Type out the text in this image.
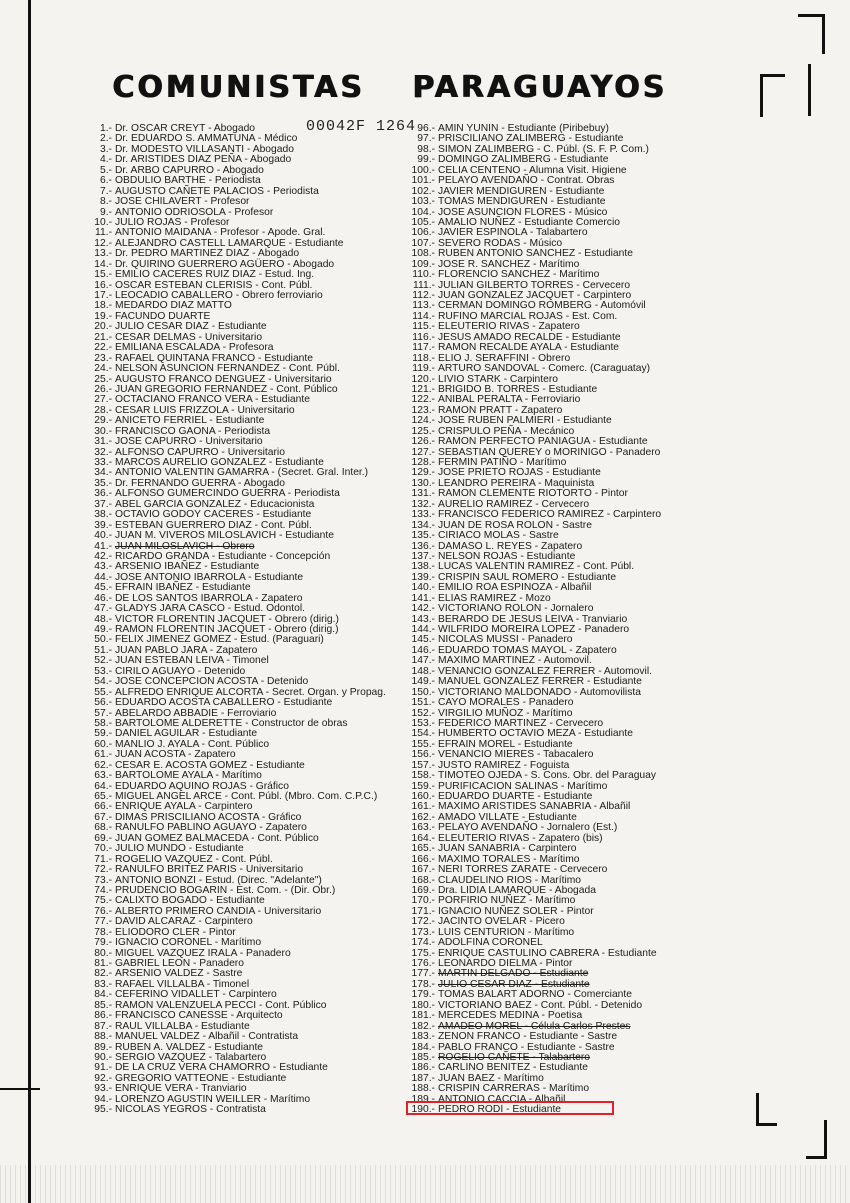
COMUNISTAS PARAGUAYOS
00042F 1264
1.- Dr. OSCAR CREYT - Abogado
2.- Dr. EDUARDO S. AMMATUNA - Médico
3.- Dr. MODESTO VILLASANTI - Abogado
4.- Dr. ARISTIDES DIAZ PEÑA - Abogado
5.- Dr. ARBO CAPURRO - Abogado
6.- OBDULIO BARTHE - Periodista
7.- AUGUSTO CAÑETE PALACIOS - Periodista
8.- JOSE CHILAVERT - Profesor
9.- ANTONIO ODRIOSOLA - Profesor
10.- JULIO ROJAS - Profesor
11.- ANTONIO MAIDANA - Profesor - Apode. Gral.
12.- ALEJANDRO CASTELL LAMARQUE - Estudiante
13.- Dr. PEDRO MARTINEZ DIAZ - Abogado
14.- Dr. QUIRINO GUERRERO AGÜERO - Abogado
15.- EMILIO CACERES RUIZ DIAZ - Estud. Ing.
16.- OSCAR ESTEBAN CLERISIS - Cont. Públ.
17.- LEOCADIO CABALLERO - Obrero ferroviario
18.- MEDARDO DIAZ MATTO
19.- FACUNDO DUARTE
20.- JULIO CESAR DIAZ - Estudiante
21.- CESAR DELMAS - Universitario
22.- EMILIANA ESCALADA - Profesora
23.- RAFAEL QUINTANA FRANCO - Estudiante
24.- NELSON ASUNCION FERNANDEZ - Cont. Públ.
25.- AUGUSTO FRANCO DENGUEZ - Universitario
26.- JUAN GREGORIO FERNANDEZ - Cont. Público
27.- OCTACIANO FRANCO VERA - Estudiante
28.- CESAR LUIS FRIZZOLA - Universitario
29.- ANICETO FERRIEL - Estudiante
30.- FRANCISCO GAONA - Periodista
31.- JOSE CAPURRO - Universitario
32.- ALFONSO CAPURRO - Universitario
33.- MARCOS AURELIO GONZALEZ - Estudiante
34.- ANTONIO VALENTIN GAMARRA - (Secret. Gral. Inter.)
35.- Dr. FERNANDO GUERRA - Abogado
36.- ALFONSO GUMERCINDO GUERRA - Periodista
37.- ABEL GARCIA GONZALEZ - Educacionista
38.- OCTAVIO GODOY CACERES - Estudiante
39.- ESTEBAN GUERRERO DIAZ - Cont. Públ.
40.- JUAN M. VIVEROS MILOSLAVICH - Estudiante
41.- JUAN MILOSLAVICH - Obrero
42.- RICARDO GRANDA - Estudiante - Concepción
43.- ARSENIO IBAÑEZ - Estudiante
44.- JOSE ANTONIO IBARROLA - Estudiante
45.- EFRAIN IBAÑEZ - Estudiante
46.- DE LOS SANTOS IBARROLA - Zapatero
47.- GLADYS JARA CASCO - Estud. Odontol.
48.- VICTOR FLORENTIN JACQUET - Obrero (dirig.)
49.- RAMON FLORENTIN JACQUET - Obrero (dirig.)
50.- FELIX JIMENEZ GOMEZ - Estud. (Paraguari)
51.- JUAN PABLO JARA - Zapatero
52.- JUAN ESTEBAN LEIVA - Timonel
53.- CIRILO AGUAYO - Detenido
54.- JOSE CONCEPCION ACOSTA - Detenido
55.- ALFREDO ENRIQUE ALCORTA - Secret. Organ. y Propag.
56.- EDUARDO ACOSTA CABALLERO - Estudiante
57.- ABELARDO ABBADIE - Ferroviario
58.- BARTOLOME ALDERETTE - Constructor de obras
59.- DANIEL AGUILAR - Estudiante
60.- MANLIO J. AYALA - Cont. Público
61.- JUAN ACOSTA - Zapatero
62.- CESAR E. ACOSTA GOMEZ - Estudiante
63.- BARTOLOME AYALA - Marítimo
64.- EDUARDO AQUINO ROJAS - Gráfico
65.- MIGUEL ANGEL ARCE - Cont. Públ. (Mbro. Com. C.P.C.)
66.- ENRIQUE AYALA - Carpintero
67.- DIMAS PRISCILIANO ACOSTA - Gráfico
68.- RANULFO PABLINO AGUAYO - Zapatero
69.- JUAN GOMEZ BALMACEDA - Cont. Público
70.- JULIO MUNDO - Estudiante
71.- ROGELIO VAZQUEZ - Cont. Públ.
72.- RANULFO BRITEZ PARIS - Universitario
73.- ANTONIO BONZI - Estud. (Direc. "Adelante")
74.- PRUDENCIO BOGARIN - Est. Com. - (Dir. Obr.)
75.- CALIXTO BOGADO - Estudiante
76.- ALBERTO PRIMERO CANDIA - Universitario
77.- DAVID ALCARAZ - Carpintero
78.- ELIODORO CLER - Pintor
79.- IGNACIO CORONEL - Marítimo
80.- MIGUEL VAZQUEZ IRALA - Panadero
81.- GABRIEL LEON - Panadero
82.- ARSENIO VALDEZ - Sastre
83.- RAFAEL VILLALBA - Timonel
84.- CEFERINO VIDALLET - Carpintero
85.- RAMON VALENZUELA PECCI - Cont. Público
86.- FRANCISCO CANESSE - Arquitecto
87.- RAUL VILLALBA - Estudiante
88.- MANUEL VALDEZ - Albañil - Contratista
89.- RUBEN A. VALDEZ - Estudiante
90.- SERGIO VAZQUEZ - Talabartero
91.- DE LA CRUZ VERA CHAMORRO - Estudiante
92.- GREGORIO VATTEONE - Estudiante
93.- ENRIQUE VERA - Tranviario
94.- LORENZO AGUSTIN WEILLER - Marítimo
95.- NICOLAS YEGROS - Contratista
96.- AMIN YUNIN - Estudiante (Piribebuy)
97.- PRISCILIANO ZALIMBERG - Estudiante
98.- SIMON ZALIMBERG - C. Públ. (S. F. P. Com.)
99.- DOMINGO ZALIMBERG - Estudiante
100.- CELIA CENTENO - Alumna Visit. Higiene
101.- PELAYO AVENDAÑO - Contrat. Obras
102.- JAVIER MENDIGUREN - Estudiante
103.- TOMAS MENDIGUREN - Estudiante
104.- JOSE ASUNCION FLORES - Músico
105.- AMALIO NUÑEZ - Estudiante Comercio
106.- JAVIER ESPINOLA - Talabartero
107.- SEVERO RODAS - Músico
108.- RUBEN ANTONIO SANCHEZ - Estudiante
109.- JOSE R. SANCHEZ - Marítimo
110.- FLORENCIO SANCHEZ - Marítimo
111.- JULIAN GILBERTO TORRES - Cervecero
112.- JUAN GONZALEZ JACQUET - Carpintero
113.- CERMAN DOMINGO ROMBERG - Automóvil
114.- RUFINO MARCIAL ROJAS - Est. Com.
115.- ELEUTERIO RIVAS - Zapatero
116.- JESUS AMADO RECALDE - Estudiante
117.- RAMON RECALDE AYALA - Estudiante
118.- ELIO J. SERAFFINI - Obrero
119.- ARTURO SANDOVAL - Comerc. (Caraguatay)
120.- LIVIO STARK - Carpintero
121.- BRIGIDO B. TORRES - Estudiante
122.- ANIBAL PERALTA - Ferroviario
123.- RAMON PRATT - Zapatero
124.- JOSE RUBEN PALMIERI - Estudiante
125.- CRISPULO PEÑA - Mecánico
126.- RAMON PERFECTO PANIAGUA - Estudiante
127.- SEBASTIAN QUEREY o MORINIGO - Panadero
128.- FERMIN PATIÑO - Marítimo
129.- JOSE PRIETO ROJAS - Estudiante
130.- LEANDRO PEREIRA - Maquinista
131.- RAMON CLEMENTE RIOTORTO - Pintor
132.- AURELIO RAMIREZ - Cervecero
133.- FRANCISCO FEDERICO RAMIREZ - Carpintero
134.- JUAN DE ROSA ROLON - Sastre
135.- CIRIACO MOLAS - Sastre
136.- DAMASO L. REYES - Zapatero
137.- NELSON ROJAS - Estudiante
138.- LUCAS VALENTIN RAMIREZ - Cont. Públ.
139.- CRISPIN SAUL ROMERO - Estudiante
140.- EMILIO ROA ESPINOZA - Albañil
141.- ELIAS RAMIREZ - Mozo
142.- VICTORIANO ROLON - Jornalero
143.- BERARDO DE JESUS LEIVA - Tranviario
144.- WILFRIDO MOREIRA LOPEZ - Panadero
145.- NICOLAS MUSSI - Panadero
146.- EDUARDO TOMAS MAYOL - Zapatero
147.- MAXIMO MARTINEZ - Automovil.
148.- VENANCIO GONZALEZ FERRER - Automovil.
149.- MANUEL GONZALEZ FERRER - Estudiante
150.- VICTORIANO MALDONADO - Automovilista
151.- CAYO MORALES - Panadero
152.- VIRGILIO MUÑOZ - Marítimo
153.- FEDERICO MARTINEZ - Cervecero
154.- HUMBERTO OCTAVIO MEZA - Estudiante
155.- EFRAIN MOREL - Estudiante
156.- VENANCIO MIERES - Tabacalero
157.- JUSTO RAMIREZ - Foguista
158.- TIMOTEO OJEDA - S. Cons. Obr. del Paraguay
159.- PURIFICACION SALINAS - Marítimo
160.- EDUARDO DUARTE - Estudiante
161.- MAXIMO ARISTIDES SANABRIA - Albañil
162.- AMADO VILLATE - Estudiante
163.- PELAYO AVENDAÑO - Jornalero (Est.)
164.- ELEUTERIO RIVAS - Zapatero (bis)
165.- JUAN SANABRIA - Carpintero
166.- MAXIMO TORALES - Marítimo
167.- NERI TORRES ZARATE - Cervecero
168.- CLAUDELINO RIOS - Marítimo
169.- Dra. LIDIA LAMARQUE - Abogada
170.- PORFIRIO NUÑEZ - Marítimo
171.- IGNACIO NUÑEZ SOLER - Pintor
172.- JACINTO OVELAR - Picero
173.- LUIS CENTURION - Marítimo
174.- ADOLFINA CORONEL
175.- ENRIQUE CASTULINO CABRERA - Estudiante
176.- LEONARDO DIELMA - Pintor
177.- MARTIN DELGADO - Estudiante
178.- JULIO CESAR DIAZ - Estudiante
179.- TOMAS BALART ADORNO - Comerciante
180.- VICTORIANO BAEZ - Cont. Públ. - Detenido
181.- MERCEDES MEDINA - Poetisa
182.- AMADEO MOREL - Célula Carlos Prestes
183.- ZENON FRANCO - Estudiante - Sastre
184.- PABLO FRANCO - Estudiante - Sastre
185.- ROGELIO CAÑETE - Talabartero
186.- CARLINO BENITEZ - Estudiante
187.- JUAN BAEZ - Marítimo
188.- CRISPIN CARRERAS - Marítimo
189.- ANTONIO CACCIA - Albañil
190.- PEDRO RODI - Estudiante
